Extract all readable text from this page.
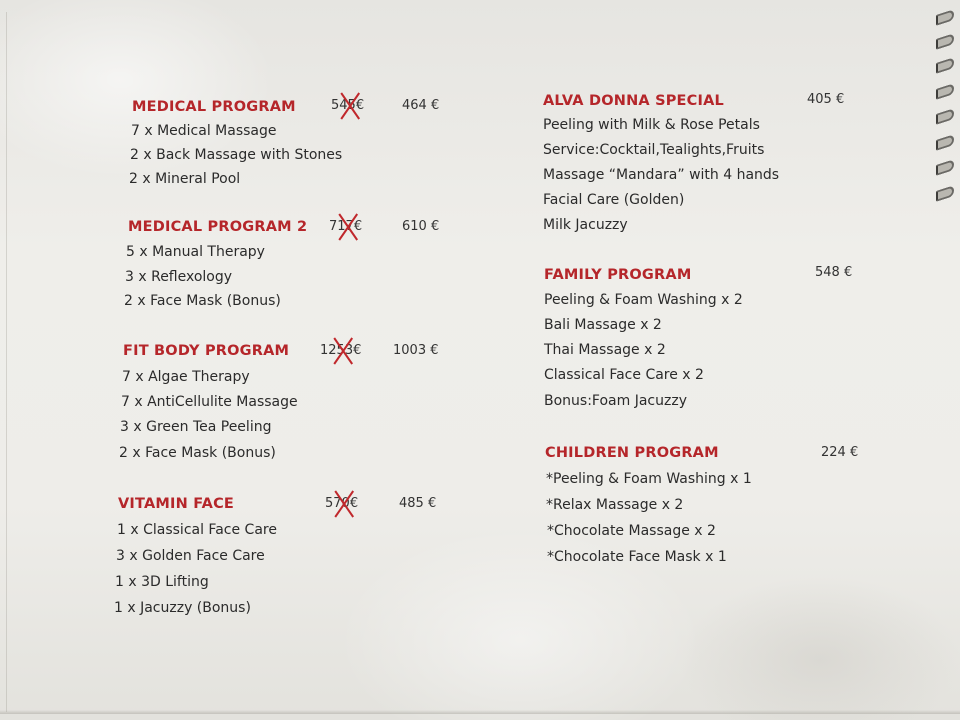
MEDICAL PROGRAM	545€	464 €
7 x Medical Massage
2 x Back Massage with Stones
2 x Mineral Pool
MEDICAL PROGRAM 2 717€	610 €
5 x Manual Therapy
3 x Reflexology
2 x Face Mask (Bonus)
FIT BODY PROGRAM 1253€ 1003 €
7 x Algae Therapy
7 x AntiCellulite Massage
3 x Green Tea Peeling
2 x Face Mask (Bonus)
VITAMIN FACE	570€	485 €
1 x Classical Face Care
3 x Golden Face Care
1 x 3D Lifting
1 x Jacuzzy (Bonus)
ALVA DONNA SPECIAL	405 €
Peeling with Milk & Rose Petals
Service:Cocktail,Tealights,Fruits
Massage “Mandara” with 4 hands
Facial Care (Golden)
Milk Jacuzzy
FAMILY PROGRAM	548 €
Peeling & Foam Washing x 2
Bali Massage x 2
Thai Massage x 2
Classical Face Care x 2
Bonus:Foam Jacuzzy
CHILDREN PROGRAM	224 €
*Peeling & Foam Washing x 1
*Relax Massage x 2
*Chocolate Massage x 2
*Chocolate Face Mask x 1
